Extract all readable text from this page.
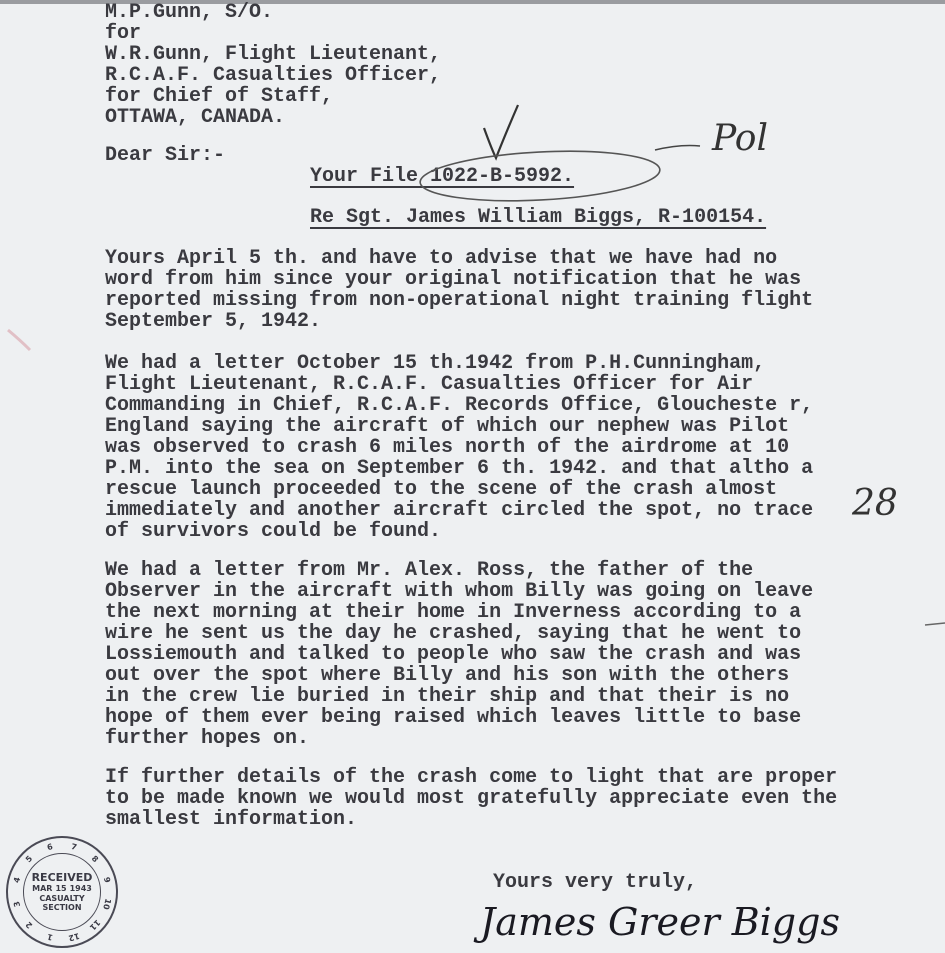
M.P.Gunn, S/O.
for
W.R.Gunn, Flight Lieutenant,
R.C.A.F. Casualties Officer,
for Chief of Staff,
OTTAWA, CANADA.
Dear Sir:-
Your File 1022-B-5992.
Re Sgt. James William Biggs, R-100154.
Yours April 5 th. and have to advise that we have had no
word from him since your original notification that he was
reported missing from non-operational night training flight
September 5, 1942.
We had a letter October 15 th.1942 from P.H.Cunningham,
Flight Lieutenant, R.C.A.F. Casualties Officer for Air
Commanding in Chief, R.C.A.F. Records Office, Gloucheste r,
England saying the aircraft of which our nephew was Pilot
was observed to crash 6 miles north of the airdrome at 10
P.M. into the sea on September 6 th. 1942. and that altho a
rescue launch proceeded to the scene of the crash almost
immediately and another aircraft circled the spot, no trace
of survivors could be found.
We had a letter from Mr. Alex. Ross, the father of the
Observer in the aircraft with whom Billy was going on leave
the next morning at their home in Inverness according to a
wire he sent us the day he crashed, saying that he went to
Lossiemouth and talked to people who saw the crash and was
out over the spot where Billy and his son with the others
in the crew lie buried in their ship and that their is no
hope of them ever being raised which leaves little to base
further hopes on.
If further details of the crash come to light that are proper
to be made known we would most gratefully appreciate even the
smallest information.
Yours very truly,
James Greer Biggs
Pol
28
RECEIVED
MAR 15 1943
CASUALTY SECTION
1
2
3
4
5
6	7
8
9
10
11
12
